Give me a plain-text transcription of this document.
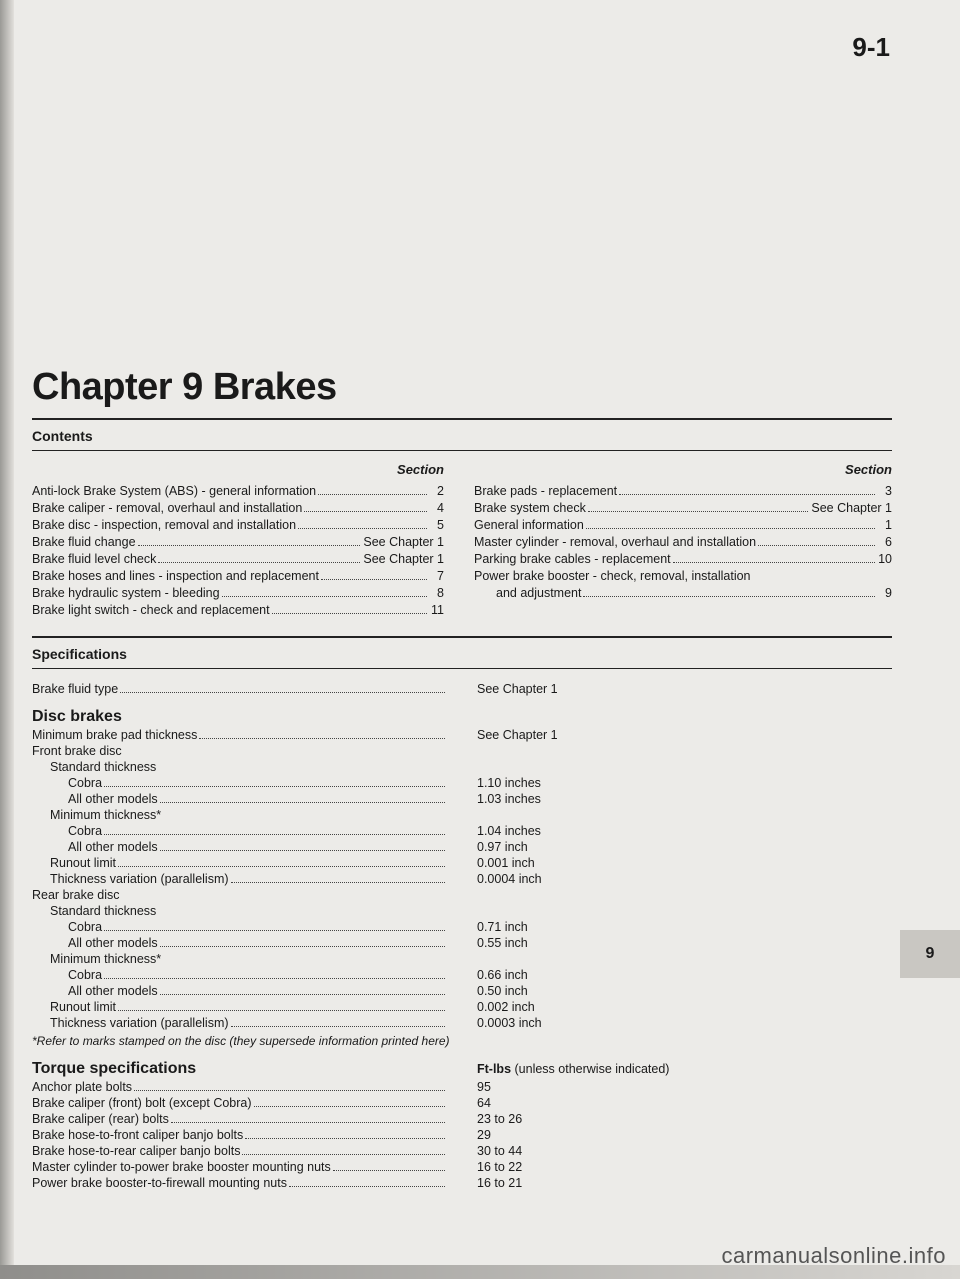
9-1
Chapter 9 Brakes
Contents
Section
Anti-lock Brake System (ABS) - general information	2
Brake caliper - removal, overhaul and installation	4
Brake disc - inspection, removal and installation	5
Brake fluid change	See Chapter 1
Brake fluid level check	See Chapter 1
Brake hoses and lines - inspection and replacement	7
Brake hydraulic system - bleeding	8
Brake light switch - check and replacement	11
Section
Brake pads - replacement	3
Brake system check	See Chapter 1
General information	1
Master cylinder - removal, overhaul and installation	6
Parking brake cables - replacement	10
Power brake booster - check, removal, installation
and adjustment	9
Specifications
Brake fluid type	See Chapter 1
Disc brakes
Minimum brake pad thickness	See Chapter 1
Front brake disc
Standard thickness
Cobra	1.10 inches
All other models	1.03 inches
Minimum thickness*
Cobra	1.04 inches
All other models	0.97 inch
Runout limit	0.001 inch
Thickness variation (parallelism)	0.0004 inch
Rear brake disc
Standard thickness
Cobra	0.71 inch
All other models	0.55 inch
Minimum thickness*
Cobra	0.66 inch
All other models	0.50 inch
Runout limit	0.002 inch
Thickness variation (parallelism)	0.0003 inch
*Refer to marks stamped on the disc (they supersede information printed here)
Torque specifications	Ft-lbs (unless otherwise indicated)
Anchor plate bolts	95
Brake caliper (front) bolt (except Cobra)	64
Brake caliper (rear) bolts	23 to 26
Brake hose-to-front caliper banjo bolts	29
Brake hose-to-rear caliper banjo bolts	30 to 44
Master cylinder to-power brake booster mounting nuts	16 to 22
Power brake booster-to-firewall mounting nuts	16 to 21
9
carmanualsonline.info
